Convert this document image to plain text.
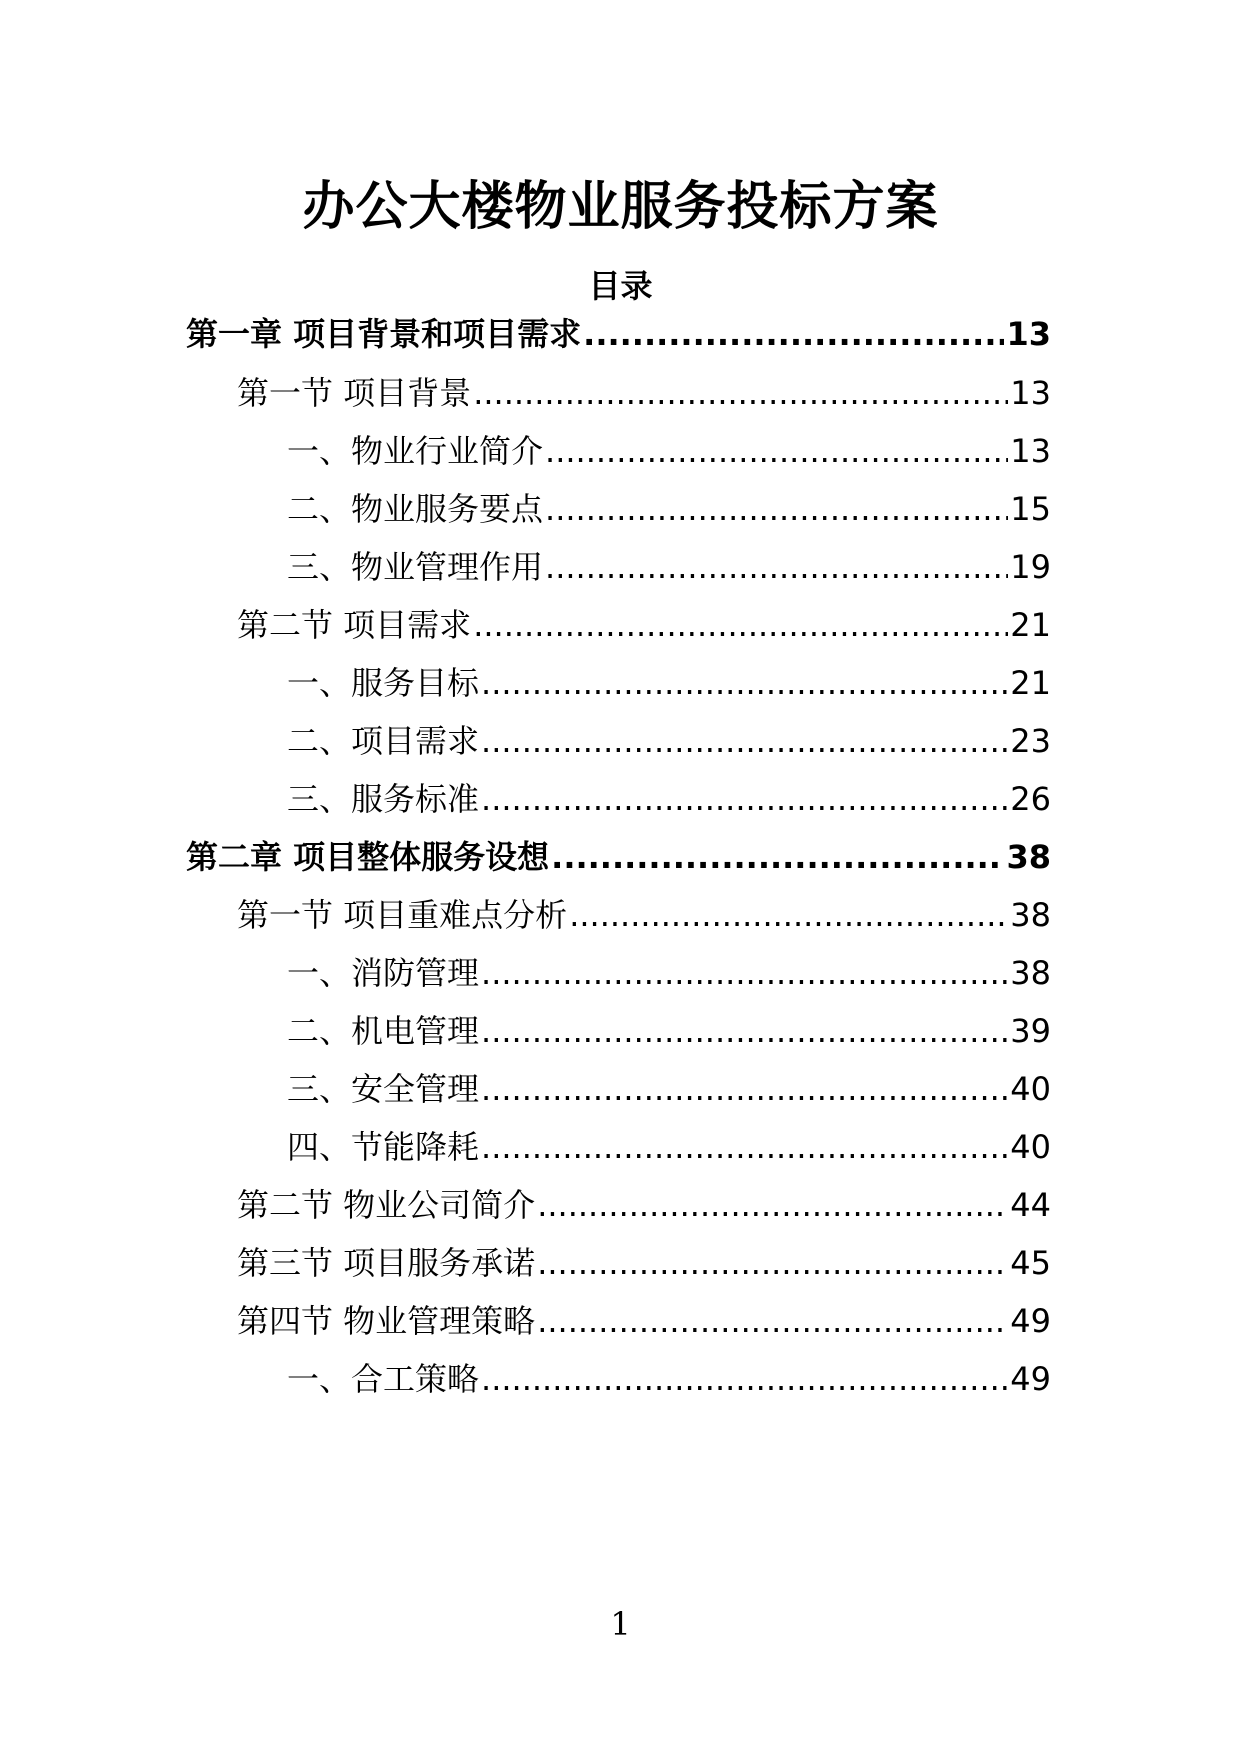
办公大楼物业服务投标方案
目录
第一章 项目背景和项目需求 .....	13
第一节 项目背景 .....	13
一、物业行业简介 .....	13
二、物业服务要点 .....	15
三、物业管理作用 .....	19
第二节 项目需求 .....	21
一、服务目标 .....	21
二、项目需求 .....	23
三、服务标准 .....	26
第二章 项目整体服务设想 .....	38
第一节 项目重难点分析 .....	38
一、消防管理 .....	38
二、机电管理 .....	39
三、安全管理 .....	40
四、节能降耗 .....	40
第二节 物业公司简介 .....	44
第三节 项目服务承诺 .....	45
第四节 物业管理策略 .....	49
一、合工策略 .....	49
1
